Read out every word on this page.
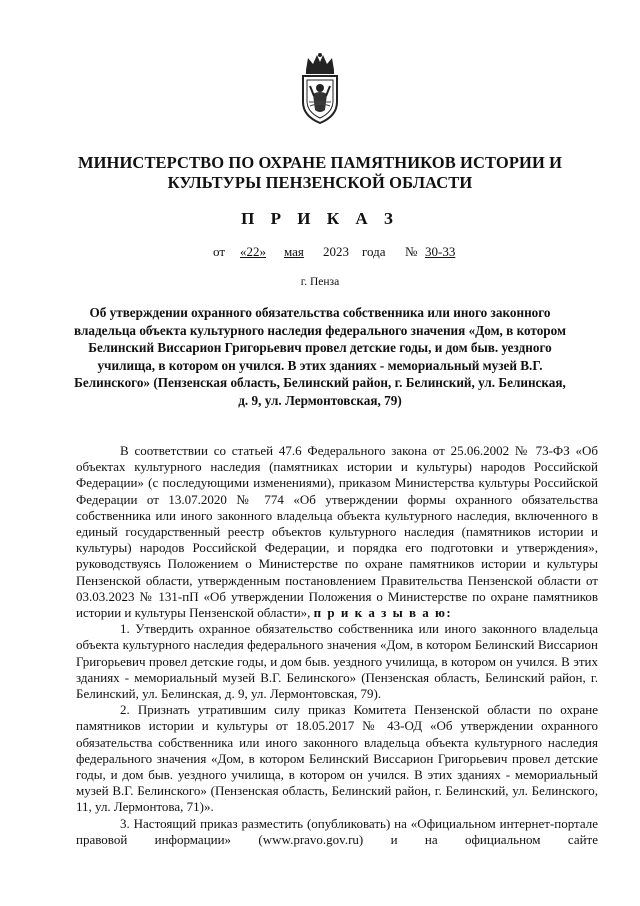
МИНИСТЕРСТВО ПО ОХРАНЕ ПАМЯТНИКОВ ИСТОРИИ И КУЛЬТУРЫ ПЕНЗЕНСКОЙ ОБЛАСТИ
П Р И К А З
от «22» мая 2023 года № 30-33
г. Пенза
Об утверждении охранного обязательства собственника или иного законного владельца объекта культурного наследия федерального значения «Дом, в котором Белинский Виссарион Григорьевич провел детские годы, и дом быв. уездного училища, в котором он учился. В этих зданиях - мемориальный музей В.Г. Белинского» (Пензенская область, Белинский район, г. Белинский, ул. Белинская, д. 9, ул. Лермонтовская, 79)

В соответствии со статьей 47.6 Федерального закона от 25.06.2002 № 73-ФЗ «Об объектах культурного наследия (памятниках истории и культуры) народов Российской Федерации» (с последующими изменениями), приказом Министерства культуры Российской Федерации от 13.07.2020 № 774 «Об утверждении формы охранного обязательства собственника или иного законного владельца объекта культурного наследия, включенного в единый государственный реестр объектов культурного наследия (памятников истории и культуры) народов Российской Федерации, и порядка его подготовки и утверждения», руководствуясь Положением о Министерстве по охране памятников истории и культуры Пензенской области, утвержденным постановлением Правительства Пензенской области от 03.03.2023 № 131-пП «Об утверждении Положения о Министерстве по охране памятников истории и культуры Пензенской области», п р и к а з ы в а ю:

1. Утвердить охранное обязательство собственника или иного законного владельца объекта культурного наследия федерального значения «Дом, в котором Белинский Виссарион Григорьевич провел детские годы, и дом быв. уездного училища, в котором он учился. В этих зданиях - мемориальный музей В.Г. Белинского» (Пензенская область, Белинский район, г. Белинский, ул. Белинская, д. 9, ул. Лермонтовская, 79).

2. Признать утратившим силу приказ Комитета Пензенской области по охране памятников истории и культуры от 18.05.2017 № 43-ОД «Об утверждении охранного обязательства собственника или иного законного владельца объекта культурного наследия федерального значения «Дом, в котором Белинский Виссарион Григорьевич провел детские годы, и дом быв. уездного училища, в котором он учился. В этих зданиях - мемориальный музей В.Г. Белинского» (Пензенская область, Белинский район, г. Белинский, ул. Белинского, 11, ул. Лермонтова, 71)».

3. Настоящий приказ разместить (опубликовать) на «Официальном интернет-портале правовой информации» (www.pravo.gov.ru) и на официальном сайте
